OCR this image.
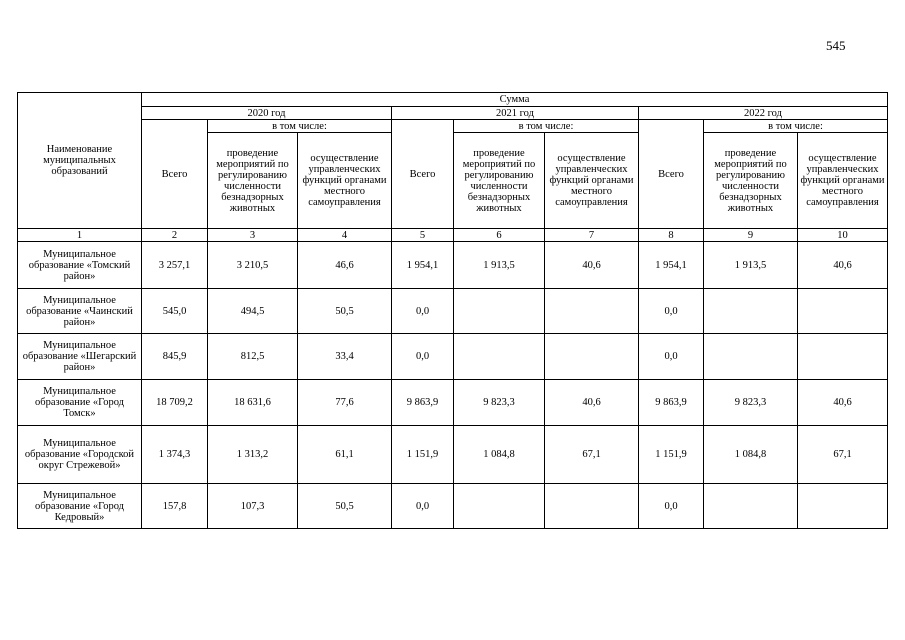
545
Наименование муниципальных образований	Сумма								
	2020 год			2021 год			2022 год		
	Всего	в том числе:		Всего	в том числе:		Всего	в том числе:	
		проведение мероприятий по регулированию численности безнадзорных животных	осуществление управленческих функций органами местного самоуправления		проведение мероприятий по регулированию численности безнадзорных животных	осуществление управленческих функций органами местного самоуправления		проведение мероприятий по регулированию численности безнадзорных животных	осуществление управленческих функций органами местного самоуправления
1	2	3	4	5	6	7	8	9	10
Муниципальное образование «Томский район»	3 257,1	3 210,5	46,6	1 954,1	1 913,5	40,6	1 954,1	1 913,5	40,6
Муниципальное образование «Чаинский район»	545,0	494,5	50,5	0,0			0,0		
Муниципальное образование «Шегарский район»	845,9	812,5	33,4	0,0			0,0		
Муниципальное образование «Город Томск»	18 709,2	18 631,6	77,6	9 863,9	9 823,3	40,6	9 863,9	9 823,3	40,6
Муниципальное образование «Городской округ Стрежевой»	1 374,3	1 313,2	61,1	1 151,9	1 084,8	67,1	1 151,9	1 084,8	67,1
Муниципальное образование «Город Кедровый»	157,8	107,3	50,5	0,0			0,0		
